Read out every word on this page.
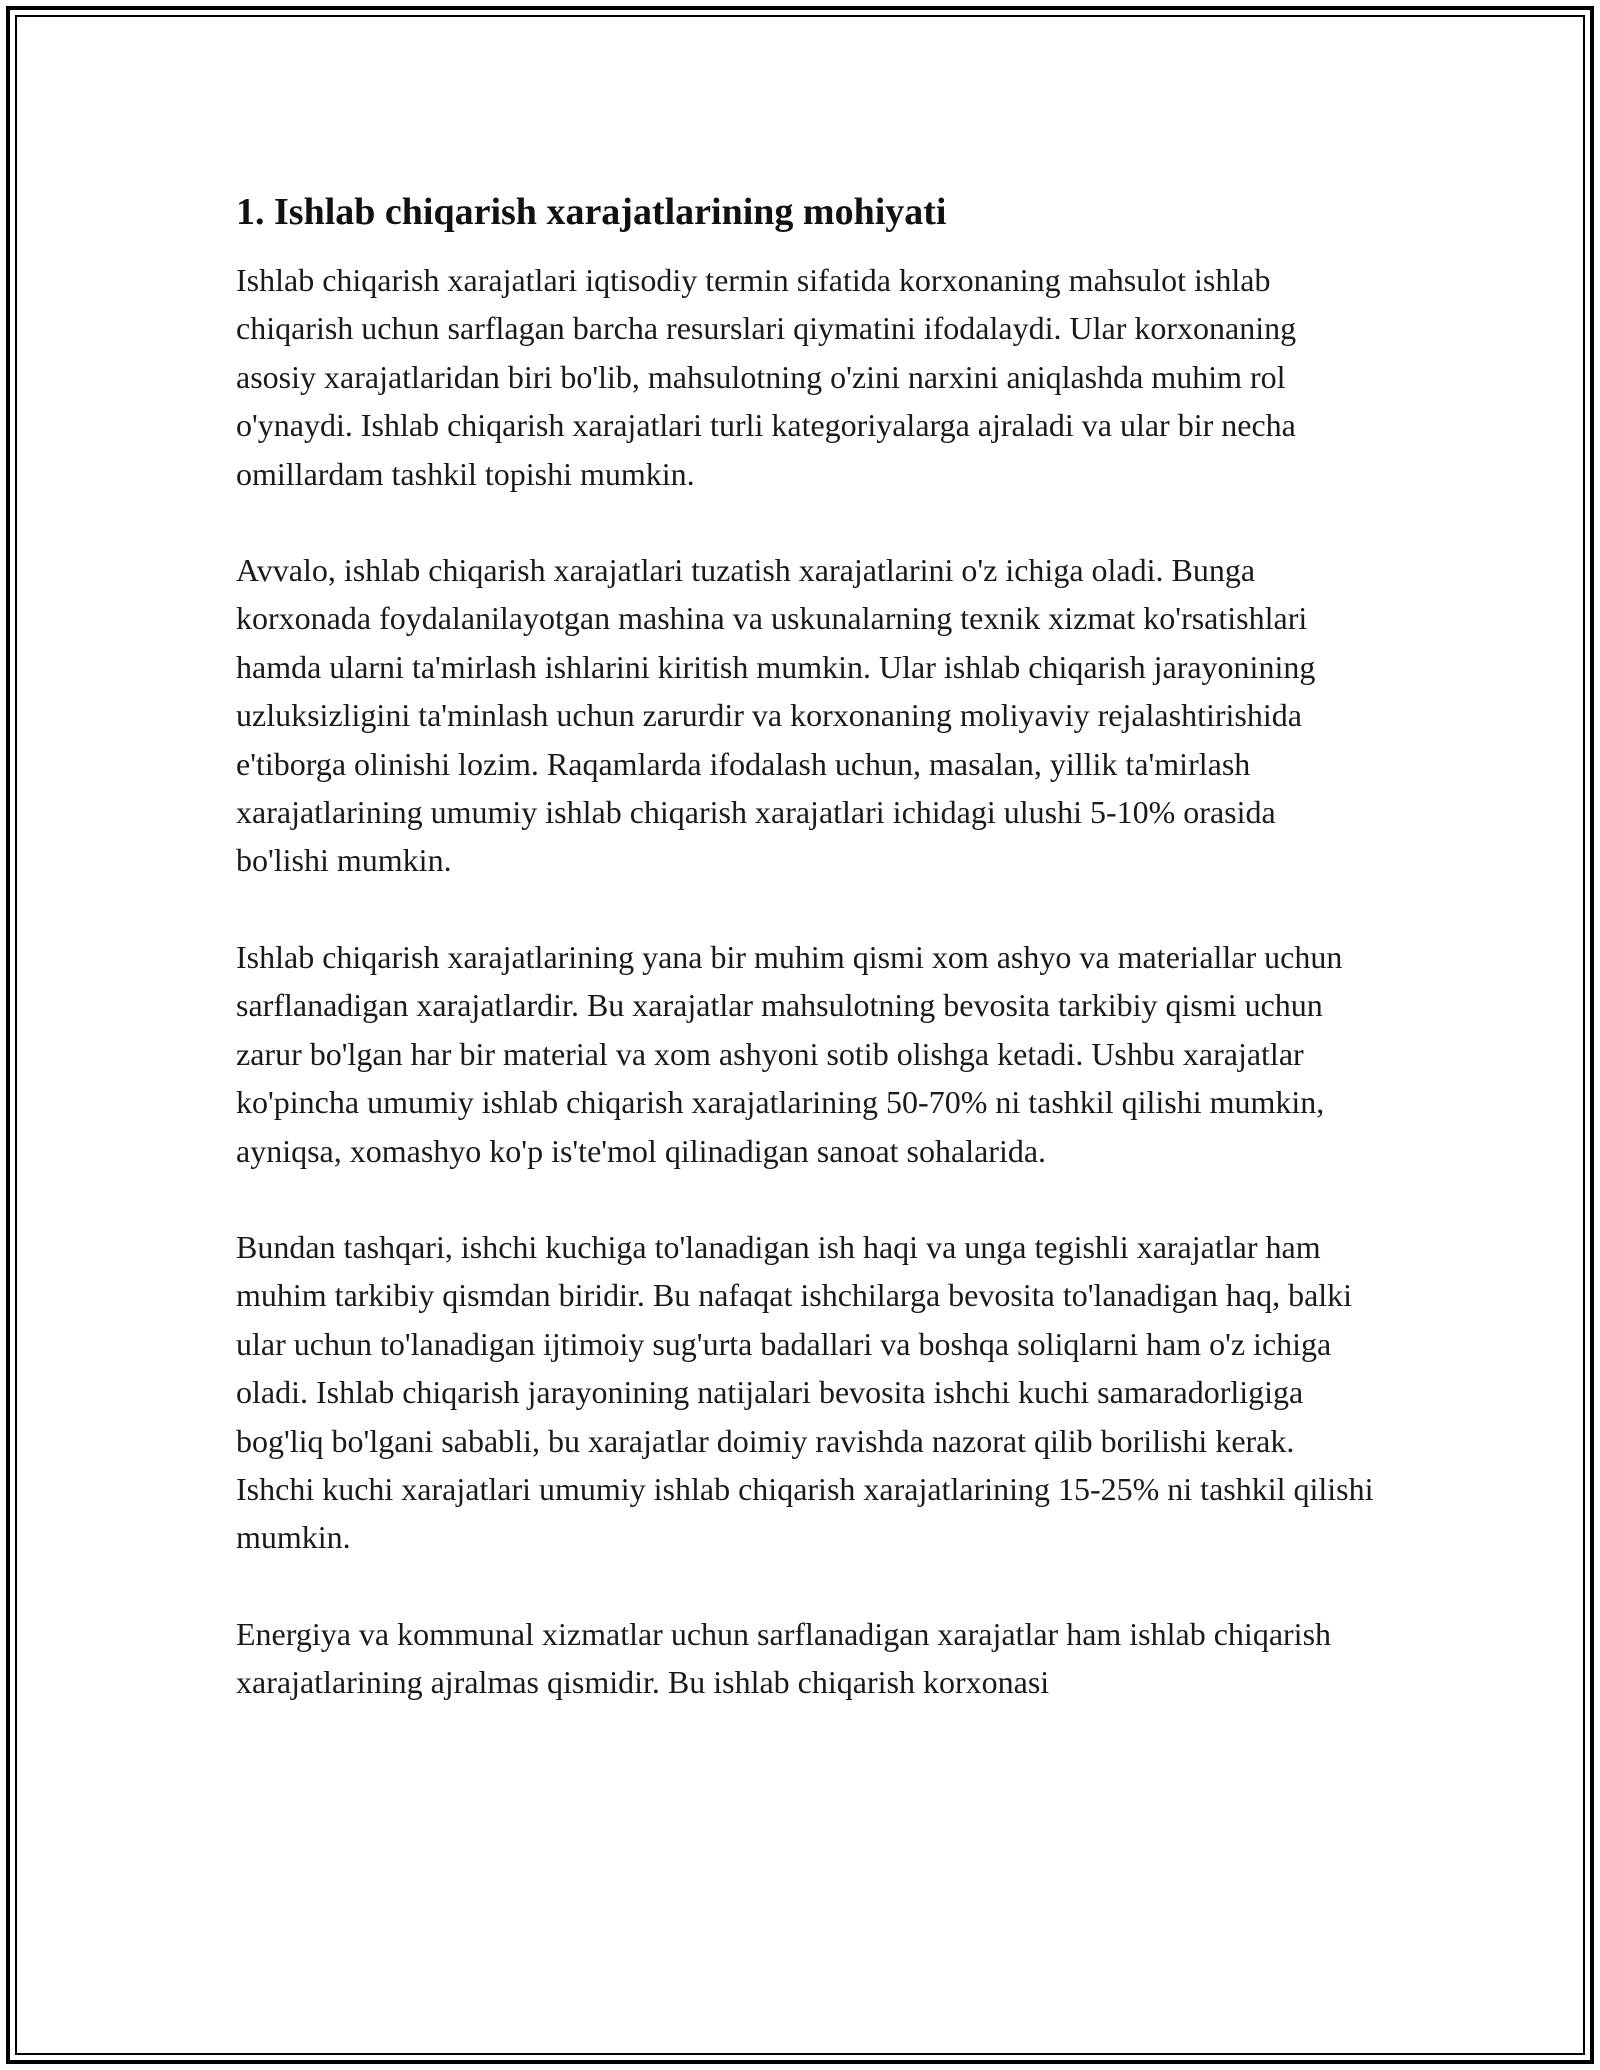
1. Ishlab chiqarish xarajatlarining mohiyati

Ishlab chiqarish xarajatlari iqtisodiy termin sifatida korxonaning mahsulot ishlab chiqarish uchun sarflagan barcha resurslari qiymatini ifodalaydi. Ular korxonaning asosiy xarajatlaridan biri bo'lib, mahsulotning o'zini narxini aniqlashda muhim rol o'ynaydi. Ishlab chiqarish xarajatlari turli kategoriyalarga ajraladi va ular bir necha omillardam tashkil topishi mumkin.

Avvalo, ishlab chiqarish xarajatlari tuzatish xarajatlarini o'z ichiga oladi. Bunga korxonada foydalanilayotgan mashina va uskunalarning texnik xizmat ko'rsatishlari hamda ularni ta'mirlash ishlarini kiritish mumkin. Ular ishlab chiqarish jarayonining uzluksizligini ta'minlash uchun zarurdir va korxonaning moliyaviy rejalashtirishida e'tiborga olinishi lozim. Raqamlarda ifodalash uchun, masalan, yillik ta'mirlash xarajatlarining umumiy ishlab chiqarish xarajatlari ichidagi ulushi 5-10% orasida bo'lishi mumkin.

Ishlab chiqarish xarajatlarining yana bir muhim qismi xom ashyo va materiallar uchun sarflanadigan xarajatlardir. Bu xarajatlar mahsulotning bevosita tarkibiy qismi uchun zarur bo'lgan har bir material va xom ashyoni sotib olishga ketadi. Ushbu xarajatlar ko'pincha umumiy ishlab chiqarish xarajatlarining 50-70% ni tashkil qilishi mumkin, ayniqsa, xomashyo ko'p is'te'mol qilinadigan sanoat sohalarida.

Bundan tashqari, ishchi kuchiga to'lanadigan ish haqi va unga tegishli xarajatlar ham muhim tarkibiy qismdan biridir. Bu nafaqat ishchilarga bevosita to'lanadigan haq, balki ular uchun to'lanadigan ijtimoiy sug'urta badallari va boshqa soliqlarni ham o'z ichiga oladi. Ishlab chiqarish jarayonining natijalari bevosita ishchi kuchi samaradorligiga bog'liq bo'lgani sababli, bu xarajatlar doimiy ravishda nazorat qilib borilishi kerak. Ishchi kuchi xarajatlari umumiy ishlab chiqarish xarajatlarining 15-25% ni tashkil qilishi mumkin.

Energiya va kommunal xizmatlar uchun sarflanadigan xarajatlar ham ishlab chiqarish xarajatlarining ajralmas qismidir. Bu ishlab chiqarish korxonasi
